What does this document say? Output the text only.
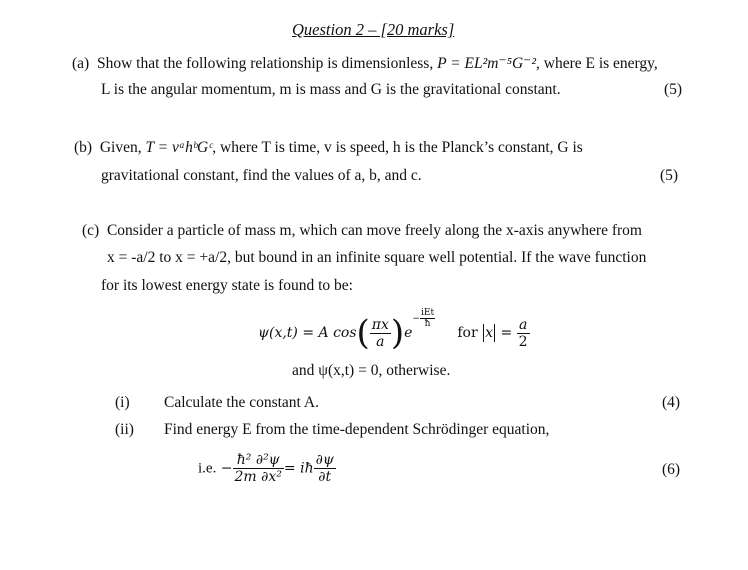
Question 2 – [20 marks]
(a) Show that the following relationship is dimensionless, P = EL²m⁻⁵G⁻², where E is energy,
L is the angular momentum, m is mass and G is the gravitational constant.	(5)
(b) Given, T = vᵃhᵇGᶜ, where T is time, v is speed, h is the Planck’s constant, G is
gravitational constant, find the values of a, b, and c.	(5)
(c) Consider a particle of mass m, which can move freely along the x-axis anywhere from
x = -a/2 to x = +a/2, but bound in an infinite square well potential. If the wave function
for its lowest energy state is found to be:
ψ(x,t) = A $\cos( \frac{\pi x}{a} )e-$
iEt
ħ
for $x = \frac{a}{2}$
and ψ(x,t) = 0, otherwise.
(i) Calculate the constant A.	(4)
(ii) Find energy E from the time-dependent Schrödinger equation,
i.e. − $\frac{\text{ħ² ∂²ψ}}{\text{2m ∂x²}}$ = iħ $\frac{\partial\psi}{\partial t}$	(6)
